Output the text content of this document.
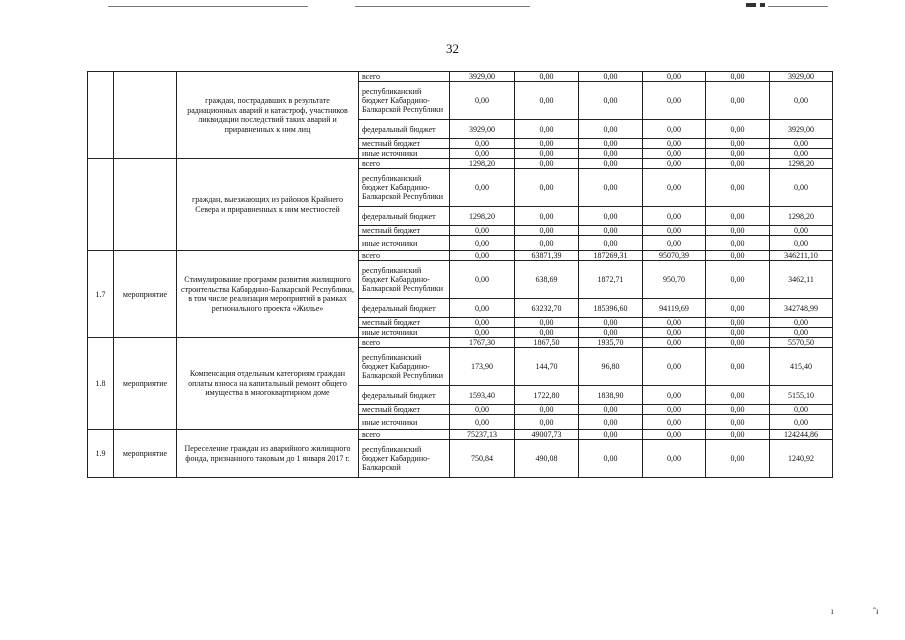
32
		граждан, пострадавших в результате радиационных аварий и катастроф, участников ликвидации последствий таких аварий и приравненных к ним лиц	всего	3929,00	0,00	0,00	0,00	0,00	3929,00
			республиканский бюджет Кабардино-Балкарской Республики	0,00	0,00	0,00	0,00	0,00	0,00
			федеральный бюджет	3929,00	0,00	0,00	0,00	0,00	3929,00
			местный бюджет	0,00	0,00	0,00	0,00	0,00	0,00
			иные источники	0,00	0,00	0,00	0,00	0,00	0,00
		граждан, выезжающих из районов Крайнего Севера и приравненных к ним местностей	всего	1298,20	0,00	0,00	0,00	0,00	1298,20
			республиканский бюджет Кабардино-Балкарской Республики	0,00	0,00	0,00	0,00	0,00	0,00
			федеральный бюджет	1298,20	0,00	0,00	0,00	0,00	1298,20
			местный бюджет	0,00	0,00	0,00	0,00	0,00	0,00
			иные источники	0,00	0,00	0,00	0,00	0,00	0,00
1.7	мероприятие	Стимулирование программ развития жилищного строительства Кабардино-Балкарской Республики, в том числе реализация мероприятий в рамках регионального проекта «Жилье»	всего	0,00	63871,39	187269,31	95070,39	0,00	346211,10
			республиканский бюджет Кабардино-Балкарской Республики	0,00	638,69	1872,71	950,70	0,00	3462,11
			федеральный бюджет	0,00	63232,70	185396,60	94119,69	0,00	342748,99
			местный бюджет	0,00	0,00	0,00	0,00	0,00	0,00
			иные источники	0,00	0,00	0,00	0,00	0,00	0,00
1.8	мероприятие	Компенсация отдельным категориям граждан оплаты взноса на капитальный ремонт общего имущества в многоквартирном доме	всего	1767,30	1867,50	1935,70	0,00	0,00	5570,50
			республиканский бюджет Кабардино-Балкарской Республики	173,90	144,70	96,80	0,00	0,00	415,40
			федеральный бюджет	1593,40	1722,80	1838,90	0,00	0,00	5155,10
			местный бюджет	0,00	0,00	0,00	0,00	0,00	0,00
			иные источники	0,00	0,00	0,00	0,00	0,00	0,00
1.9	мероприятие	Переселение граждан из аварийного жилищного фонда, признанного таковым до 1 января 2017 г.	всего	75237,13	49007,73	0,00	0,00	0,00	124244,86
			республиканский бюджет Кабардино-Балкарской	750,84	490,08	0,00	0,00	0,00	1240,92
ı	ˆı
